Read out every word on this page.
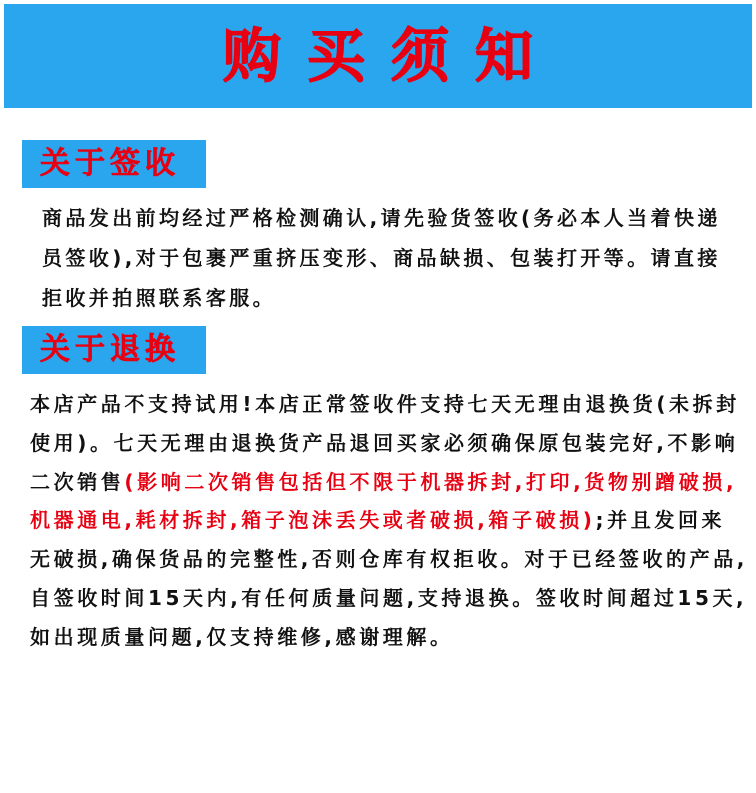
购买须知
关于签收

商品发出前均经过严格检测确认,请先验货签收(务必本人当着快递员签收),对于包裹严重挤压变形、商品缺损、包装打开等。请直接拒收并拍照联系客服。

关于退换

本店产品不支持试用!本店正常签收件支持七天无理由退换货(未拆封使用)。七天无理由退换货产品退回买家必须确保原包装完好,不影响二次销售(影响二次销售包括但不限于机器拆封,打印,货物别蹭破损,机器通电,耗材拆封,箱子泡沫丢失或者破损,箱子破损);并且发回来无破损,确保货品的完整性,否则仓库有权拒收。对于已经签收的产品,自签收时间15天内,有任何质量问题,支持退换。签收时间超过15天,如出现质量问题,仅支持维修,感谢理解。
